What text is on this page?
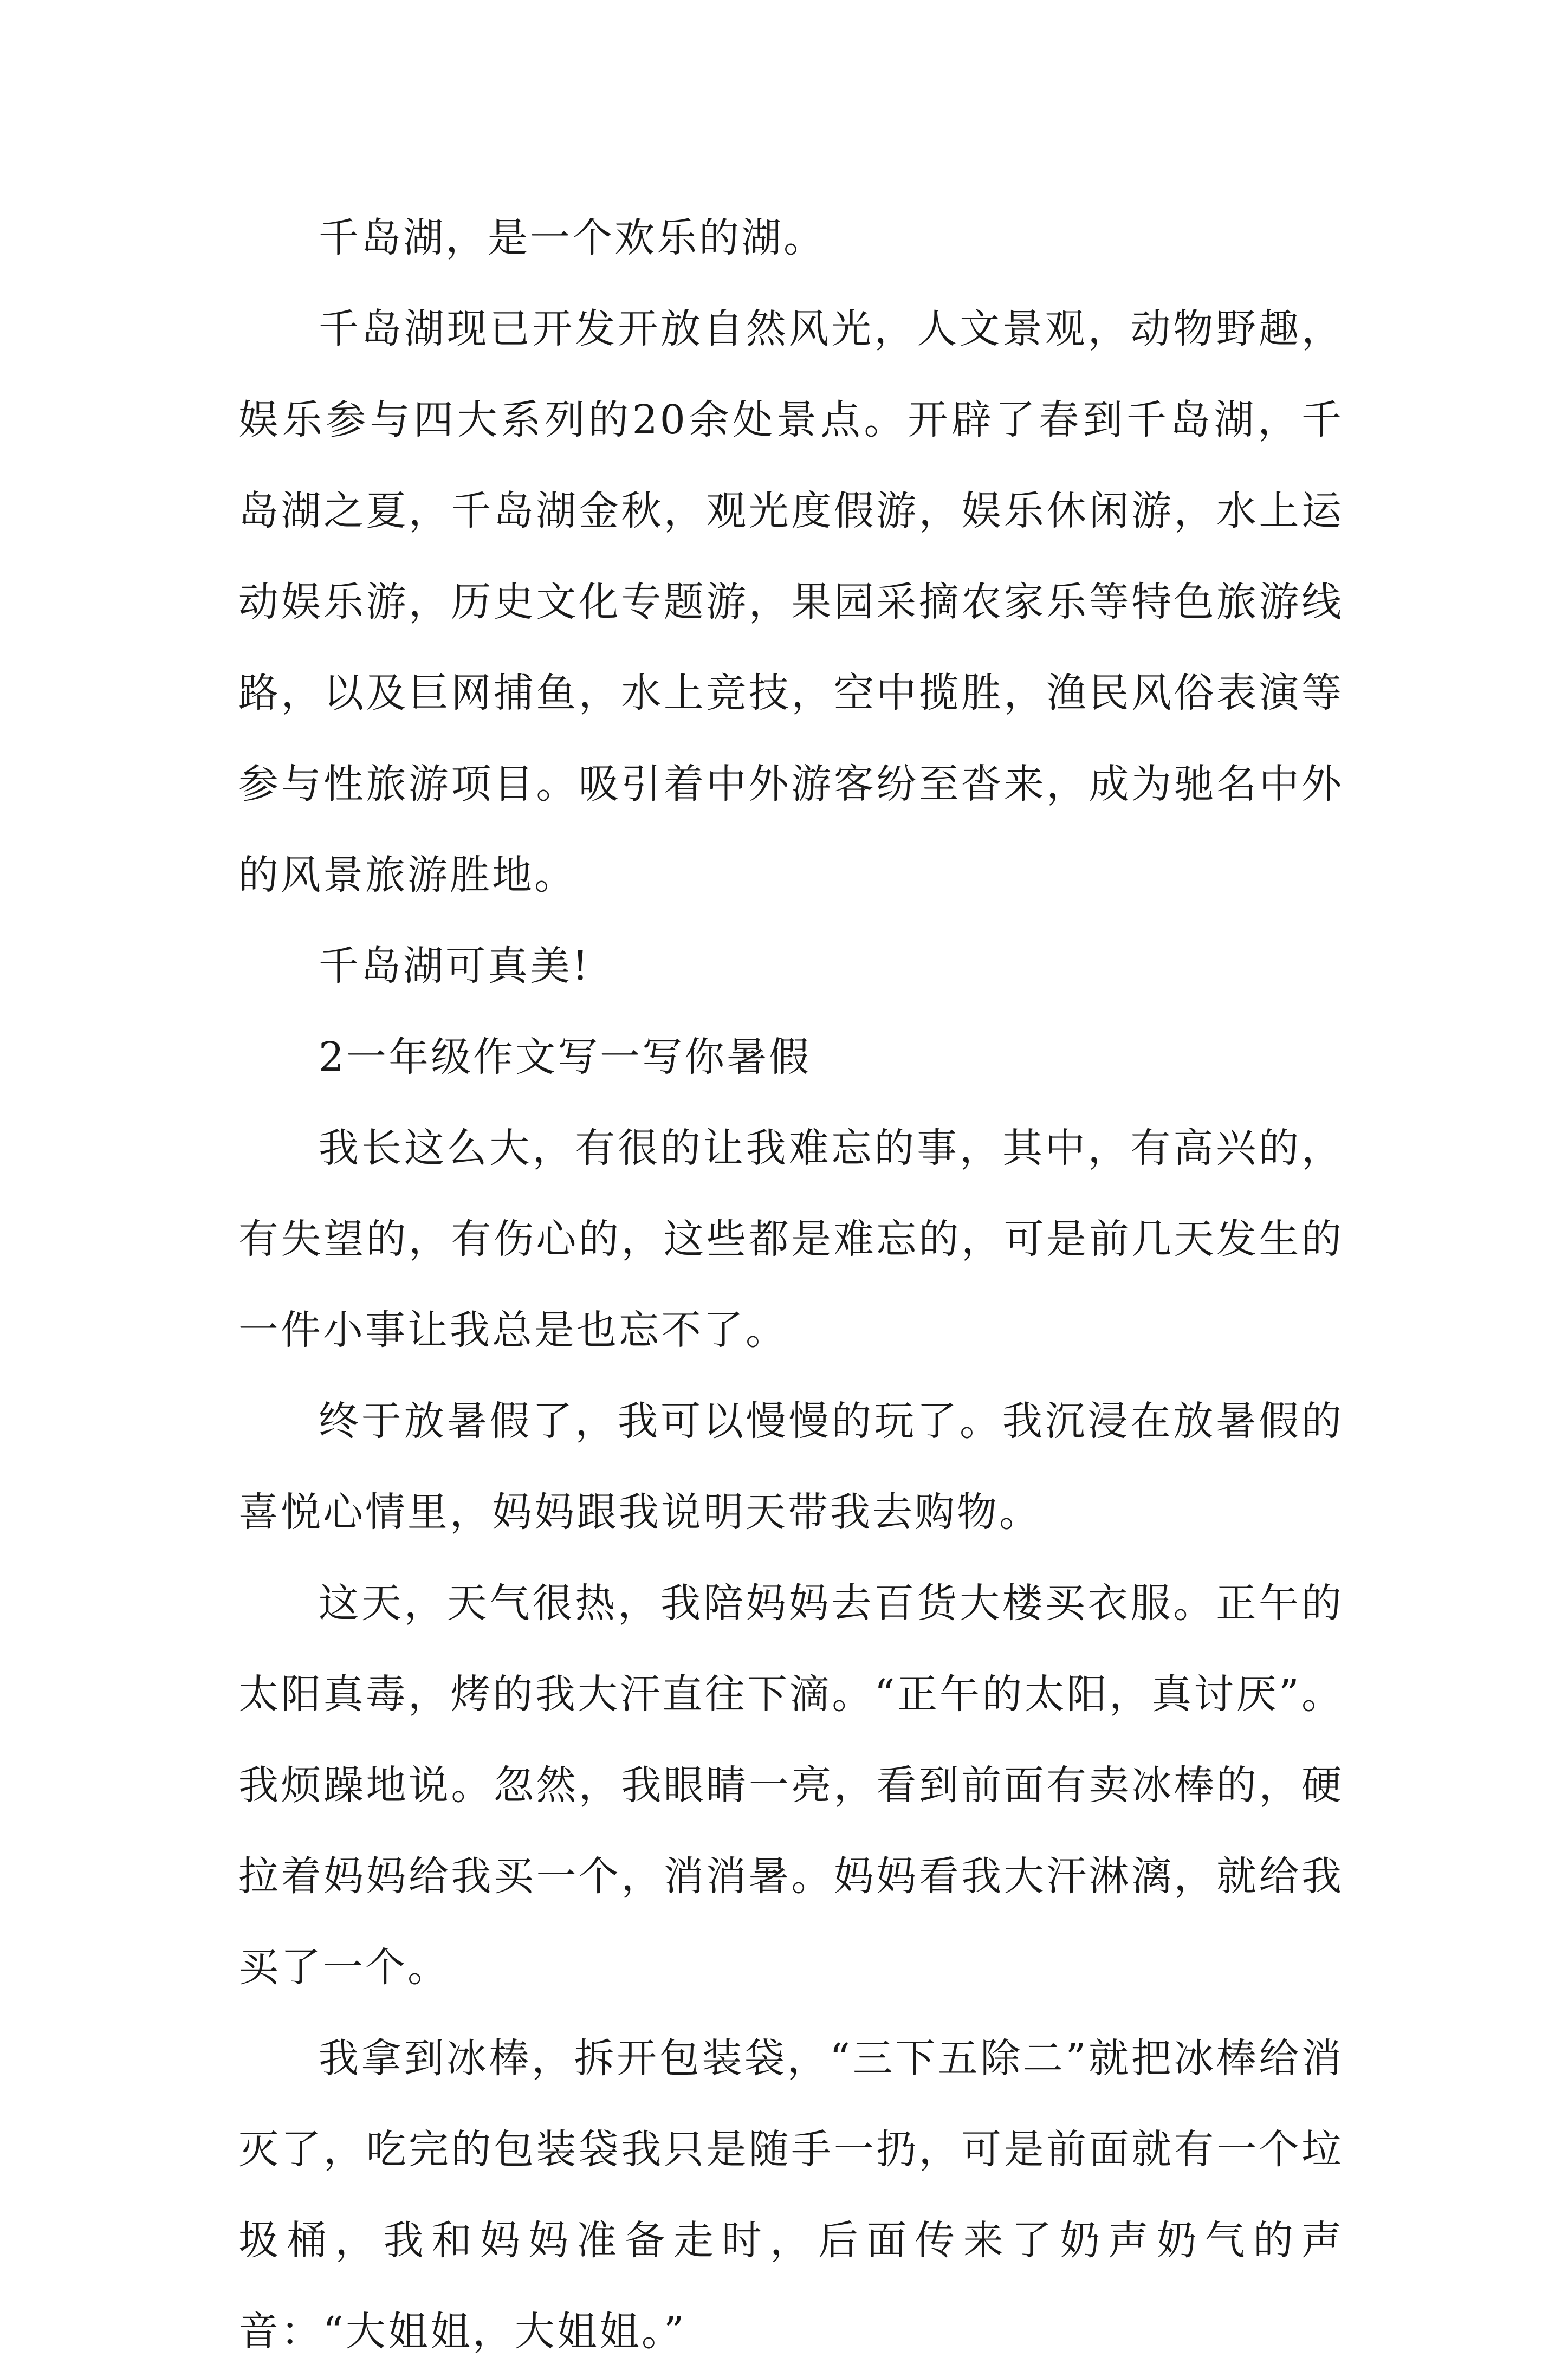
千岛湖，是一个欢乐的湖。

千岛湖现已开发开放自然风光，人文景观，动物野趣，娱乐参与四大系列的20余处景点。开辟了春到千岛湖，千岛湖之夏，千岛湖金秋，观光度假游，娱乐休闲游，水上运动娱乐游，历史文化专题游，果园采摘农家乐等特色旅游线路，以及巨网捕鱼，水上竞技，空中揽胜，渔民风俗表演等参与性旅游项目。吸引着中外游客纷至沓来，成为驰名中外的风景旅游胜地。

千岛湖可真美!

2一年级作文写一写你暑假

我长这么大，有很的让我难忘的事，其中，有高兴的，有失望的，有伤心的，这些都是难忘的，可是前几天发生的一件小事让我总是也忘不了。

终于放暑假了，我可以慢慢的玩了。我沉浸在放暑假的喜悦心情里，妈妈跟我说明天带我去购物。

这天，天气很热，我陪妈妈去百货大楼买衣服。正午的太阳真毒，烤的我大汗直往下滴。“正午的太阳，真讨厌”。我烦躁地说。忽然，我眼睛一亮，看到前面有卖冰棒的，硬拉着妈妈给我买一个，消消暑。妈妈看我大汗淋漓，就给我买了一个。

我拿到冰棒，拆开包装袋，“三下五除二”就把冰棒给消灭了，吃完的包装袋我只是随手一扔，可是前面就有一个垃圾桶，我和妈妈准备走时，后面传来了奶声奶气的声音：“大姐姐，大姐姐。”
